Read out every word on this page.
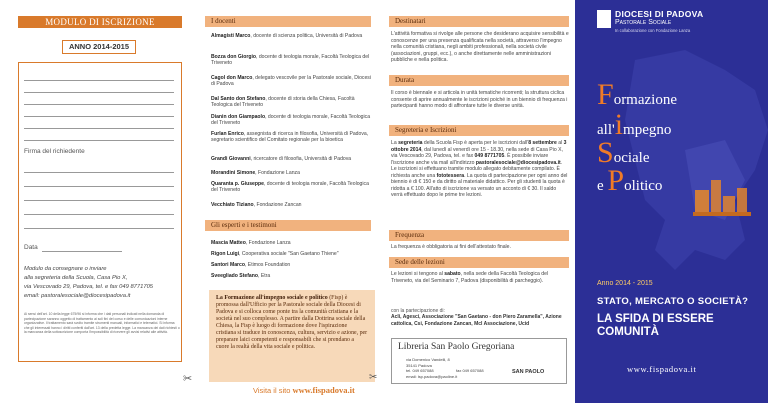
MODULO DI ISCRIZIONE
ANNO 2014-2015
Firma del richiedente
Data
Modulo da consegnare o inviare
alla segreteria della Scuola, Casa Pio X,
via Vescovado 29, Padova, tel. e fax 049 8771705
email: pastoralesociale@diocesipadova.it
Ai sensi dell'art. 10 della legge 675/96 si informa che i dati personali indicati nella domanda di partecipazione saranno oggetto di trattamento ai soli fini del corso e delle comunicazioni interne organizzative. Il trattamento sarà svolto tramite strumenti manuali, informatici e telematici. Si informa che gli interessati hanno i diritti conferiti dall'art. 13 della predetta legge. La mancanza dei dati richiesti o la mancanza della sottoscrizione comporta l'impossibilità di ricevere gli avvisi relativi alle attività.
✂
I docenti
Almagisti Marco, docente di scienza politica, Università di Padova
Bozza don Giorgio, docente di teologia morale, Facoltà Teologica del Triveneto
Cagol don Marco, delegato vescovile per la Pastorale sociale, Diocesi di Padova
Dal Santo don Stefano, docente di storia della Chiesa, Facoltà Teologica del Triveneto
Dianin don Giampaolo, docente di teologia morale, Facoltà Teologica del Triveneto
Furlan Enrico, assegnista di ricerca in filosofia, Università di Padova, segretario scientifico del Comitato regionale per la bioetica
Grandi Giovanni, ricercatore di filosofia, Università di Padova
Morandini Simone, Fondazione Lanza
Quaranta p. Giuseppe, docente di teologia morale, Facoltà Teologica del Triveneto
Vecchiato Tiziano, Fondazione Zancan
Gli esperti e i testimoni
Mascia Matteo, Fondazione Lanza
Rigon Luigi, Cooperativa sociale "San Gaetano Thiene"
Santori Marco, Etimos Foundation
Sveegliado Stefano, Etra
La Formazione all'impegno sociale e politico (Fisp) è promossa dall'Ufficio per la Pastorale sociale della Diocesi di Padova e si colloca come ponte tra la comunità cristiana e la società nel suo complesso. A partire dalla Dottrina sociale della Chiesa, la Fisp è luogo di formazione dove l'ispirazione cristiana si traduce in conoscenza, cultura, servizio e azione, per preparare laici competenti e responsabili che si prendano a cuore la realtà della vita sociale e politica.
Visita il sito www.fispadova.it
✂
Destinatari
L'attività formativa si rivolge alle persone che desiderano acquisire sensibilità e conoscenze per una presenza qualificata nella società, attraverso l'impegno nella comunità cristiana, negli ambiti professionali, nella società civile (associazioni, gruppi, ecc.), o anche direttamente nelle amministrazioni pubbliche e nella politica.
Durata
Il corso è biennale e si articola in unità tematiche ricorrenti; la struttura ciclica consente di aprire annualmente le iscrizioni poiché in un biennio di frequenza i partecipanti hanno modo di affrontare tutte le diverse unità.
Segreteria e Iscrizioni
La segreteria della Scuola Fisp è aperta per le iscrizioni dall'8 settembre al 3 ottobre 2014, dal lunedì al venerdì ore 15 - 18.30, nella sede di Casa Pio X, via Vescovado 29, Padova, tel. e fax 049 8771705. È possibile inviare l'iscrizione anche via mail all'indirizzo pastoralesociale@diocesipadova.it. Le iscrizioni si effettuano tramite modulo allegato debitamente compilato. È richiesta anche una fototessera. La quota di partecipazione per ogni anno del biennio è di € 150 e da diritto al materiale didattico. Per gli studenti la quota è ridotta a € 100. All'atto di iscrizione va versato un acconto di € 30. Il saldo verrà effettuato dopo le prime tre lezioni.
Frequenza
La frequenza è obbligatoria ai fini dell'attestato finale.
Sede delle lezioni
Le lezioni si tengono al sabato, nella sede della Facoltà Teologica del Triveneto, via del Seminario 7, Padova (disponibilità di parcheggio).
con la partecipazione di:
Acli, Agesci, Associazione "San Gaetano - don Piero Zaramella", Azione cattolica, Csi, Fondazione Zancan, Mcl Associazione, Ucid
Libreria San Paolo Gregoriana
via Domenico Vandelli, 8
35141 Padova
tel. 049 657088
email: lsp.padova@paoline.it
fax 049 657088	SAN PAOLO
DIOCESI DI PADOVA
Pastorale Sociale
In collaborazione con Fondazione Lanza
Formazione
all'impegno
Sociale
e Politico
Anno 2014 - 2015
STATO, MERCATO O SOCIETÀ?
LA SFIDA DI ESSERE COMUNITÀ
www.fispadova.it
